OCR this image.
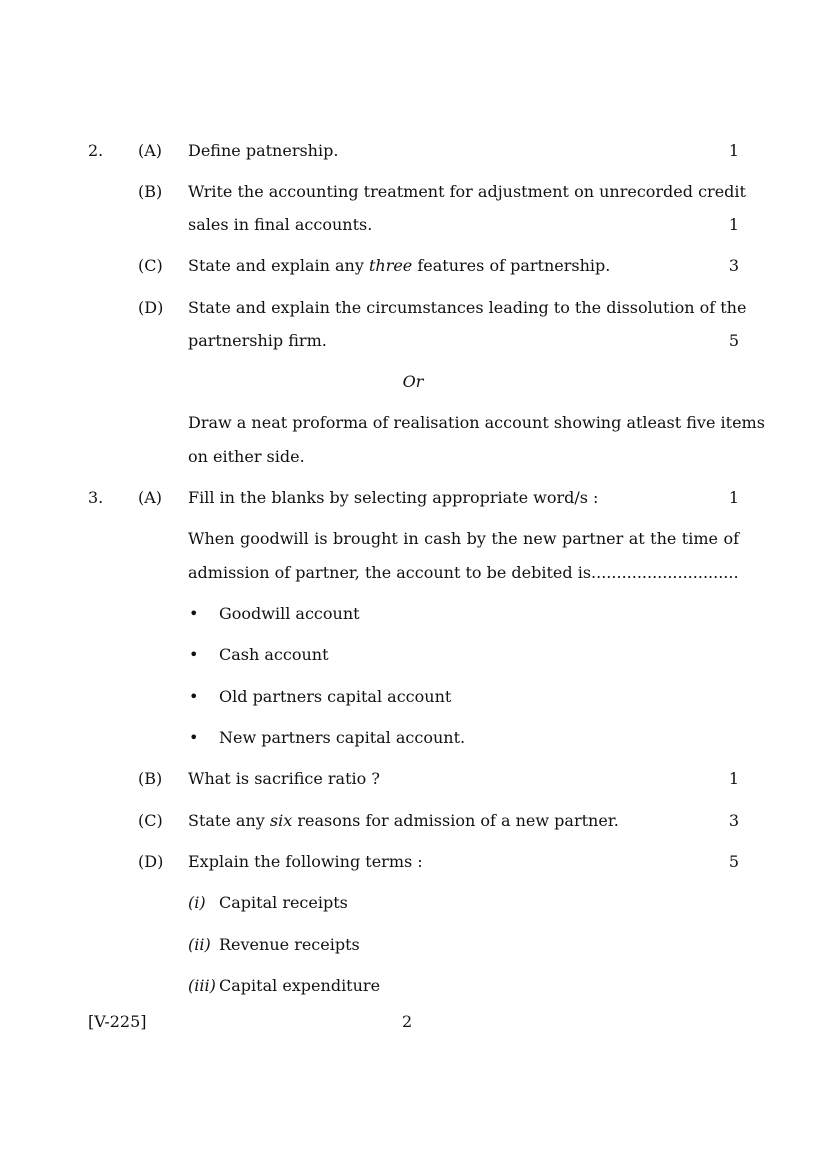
2. (A) Define patnership.	1
(B) Write the accounting treatment for adjustment on unrecorded credit
sales in final accounts.	1
(C) State and explain any three features of partnership.	3
(D) State and explain the circumstances leading to the dissolution of the
partnership firm.	5
Or
Draw a neat proforma of realisation account showing atleast five items
on either side.
3. (A) Fill in the blanks by selecting appropriate word/s :	1
When goodwill is brought in cash by the new partner at the time of
admission of partner, the account to be debited is.............................
• Goodwill account
• Cash account
• Old partners capital account
• New partners capital account.
(B) What is sacrifice ratio ?	1
(C) State any six reasons for admission of a new partner.	3
(D) Explain the following terms :	5
(i) Capital receipts
(ii) Revenue receipts
(iii) Capital expenditure
[V-225]	2
